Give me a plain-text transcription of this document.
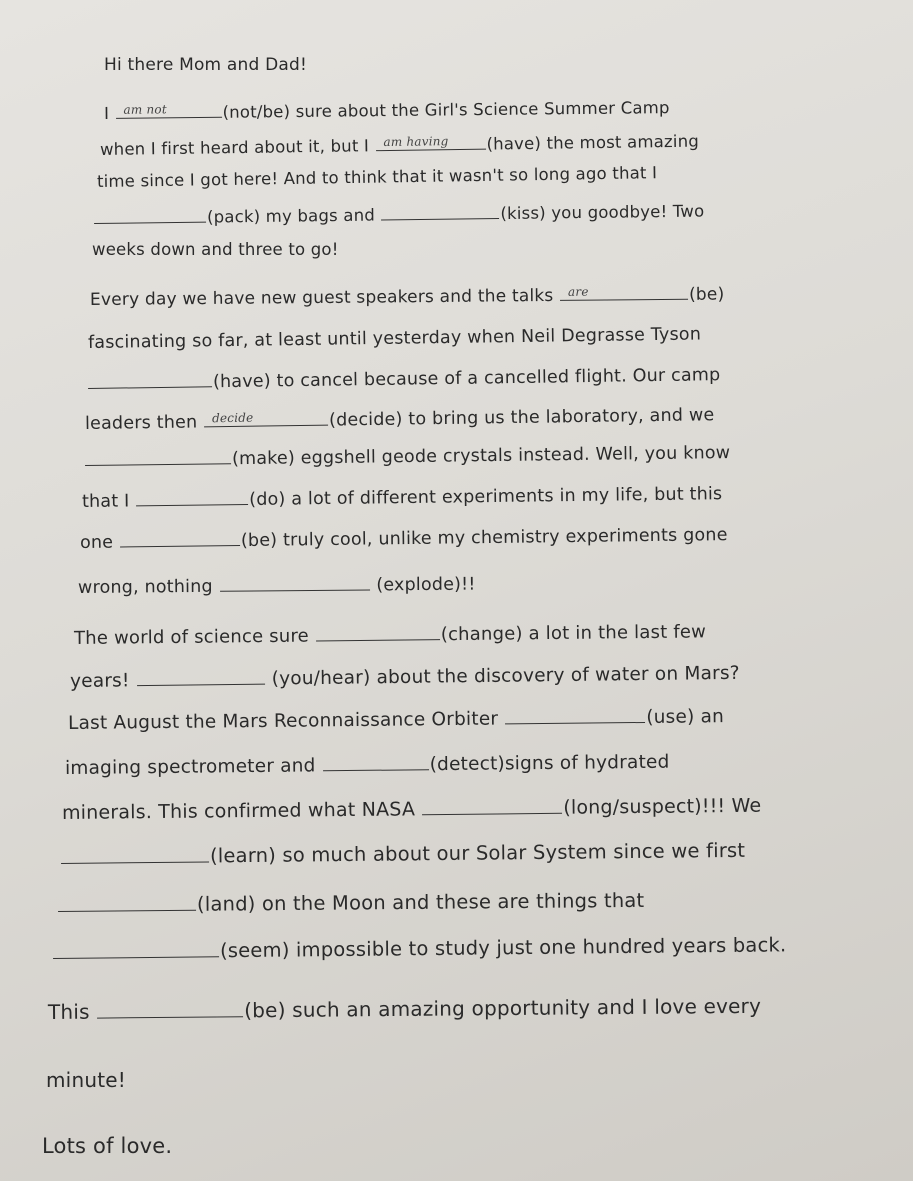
Hi there Mom and Dad!
I am not	(not/be) sure about the Girl's Science Summer Camp
when I first heard about it, but I am having (have) the most amazing
time since I got here! And to think that it wasn't so long ago that I
(pack) my bags and	(kiss) you goodbye! Two
weeks down and three to go!
Every day we have new guest speakers and the talks are	(be)
fascinating so far, at least until yesterday when Neil Degrasse Tyson
(have) to cancel because of a cancelled flight. Our camp
leaders then decide	(decide) to bring us the laboratory, and we
(make) eggshell geode crystals instead. Well, you know
that I	(do) a lot of different experiments in my life, but this
one	(be) truly cool, unlike my chemistry experiments gone
wrong, nothing	(explode)!!
The world of science sure	(change) a lot in the last few
years!	(you/hear) about the discovery of water on Mars?
Last August the Mars Reconnaissance Orbiter	(use) an
imaging spectrometer and	(detect)signs of hydrated
minerals. This confirmed what NASA	(long/suspect)!!! We
(learn) so much about our Solar System since we first
(land) on the Moon and these are things that
(seem) impossible to study just one hundred years back.
This	(be) such an amazing opportunity and I love every
minute!
Lots of love.
